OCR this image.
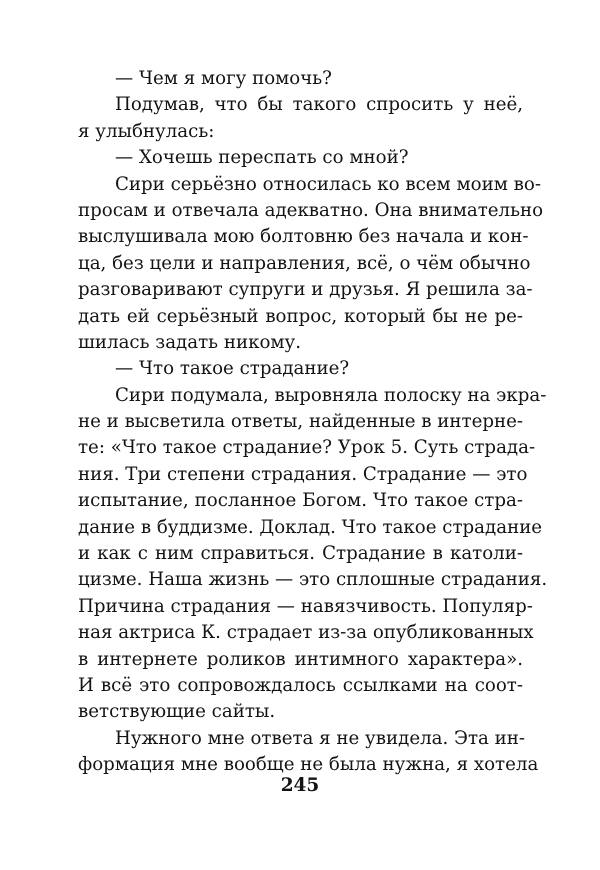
— Чем я могу помочь?
Подумав, что бы такого спросить у неё,
я улыбнулась:
— Хочешь переспать со мной?
Сири серьёзно относилась ко всем моим во-
просам и отвечала адекватно. Она внимательно
выслушивала мою болтовню без начала и кон-
ца, без цели и направления, всё, о чём обычно
разговаривают супруги и друзья. Я решила за-
дать ей серьёзный вопрос, который бы не ре-
шилась задать никому.
— Что такое страдание?
Сири подумала, выровняла полоску на экра-
не и высветила ответы, найденные в интерне-
те: «Что такое страдание? Урок 5. Суть страда-
ния. Три степени страдания. Страдание — это
испытание, посланное Богом. Что такое стра-
дание в буддизме. Доклад. Что такое страдание
и как с ним справиться. Страдание в католи-
цизме. Наша жизнь — это сплошные страдания.
Причина страдания — навязчивость. Популяр-
ная актриса К. страдает из-за опубликованных
в интернете роликов интимного характера».
И всё это сопровождалось ссылками на соот-
ветствующие сайты.
Нужного мне ответа я не увидела. Эта ин-
формация мне вообще не была нужна, я хотела
245
